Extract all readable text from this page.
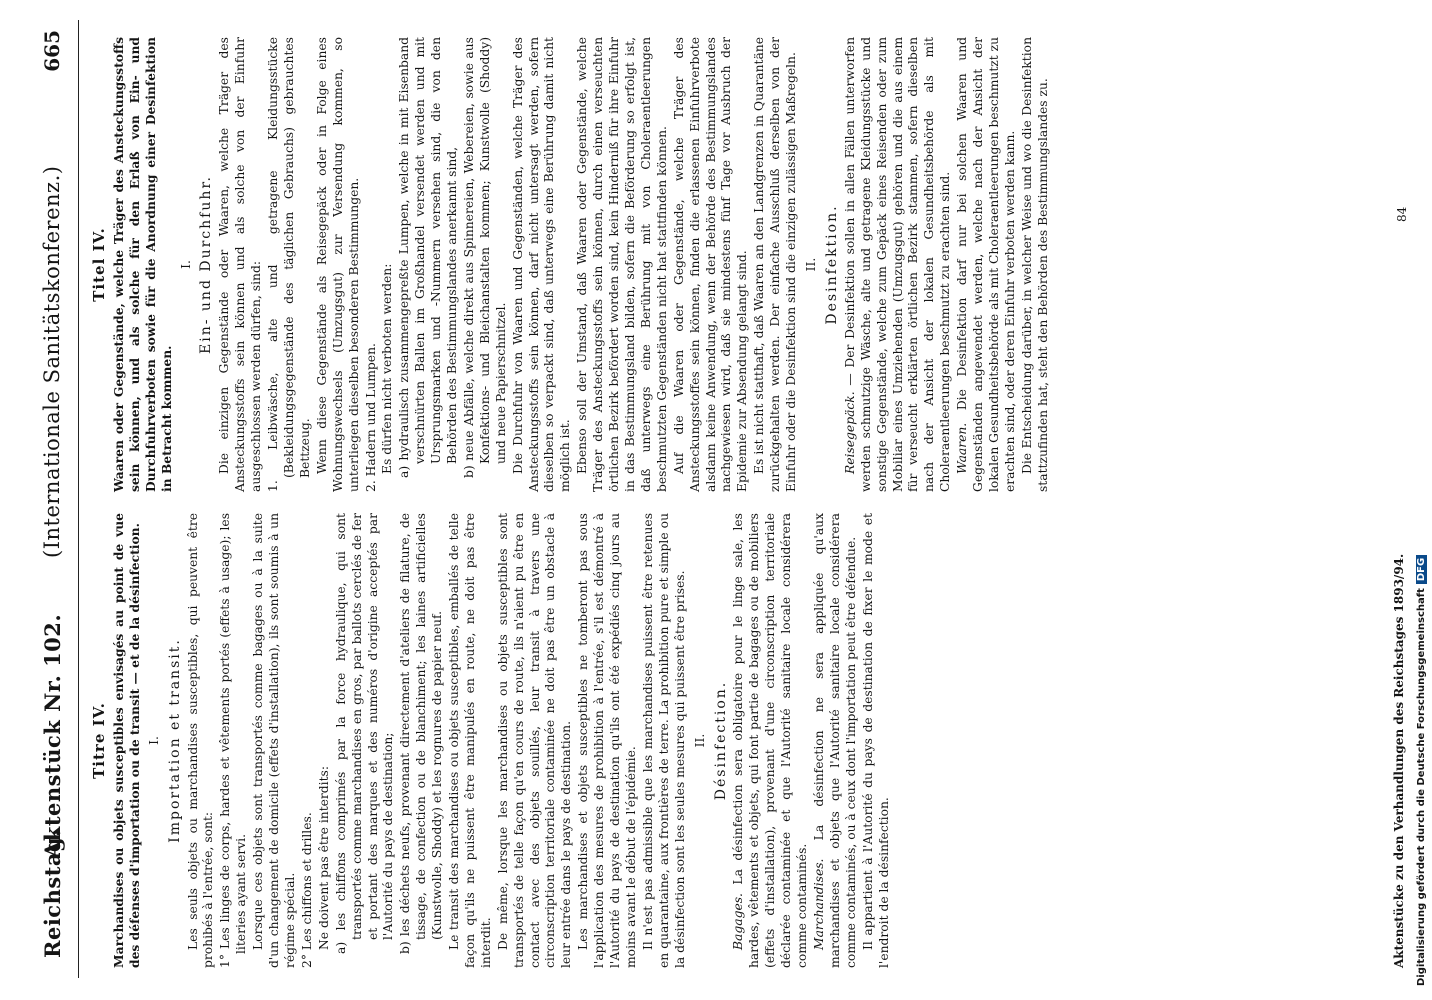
Reichstag.
Aktenstück Nr. 102.
(Internationale Sanitätskonferenz.)
665

Titre IV. Marchandises ou objets susceptibles envisagés au point de vue des défenses d'importation ou de transit — et de la désinfection. I. Importation et transit. Les seuls objets ou marchandises susceptibles, qui peuvent être prohibés à l'entrée, sont: 1° Les linges de corps, hardes et vêtements portés (effets à usage); les literies ayant servi. Lorsque ces objets sont transportés comme bagages ou à la suite d'un changement de domicile (effets d'installation), ils sont soumis à un régime spécial. 2° Les chiffons et drilles. Ne doivent pas être interdits: a) les chiffons comprimés par la force hydraulique, qui sont transportés comme marchandises en gros, par ballots cerclés de fer et portant des marques et des numéros d'origine acceptés par l'Autorité du pays de destination; b) les déchets neufs, provenant directement d'ateliers de filature, de tissage, de confection ou de blanchiment; les laines artificielles (Kunstwolle, Shoddy) et les rognures de papier neuf. Le transit des marchandises ou objets susceptibles, emballés de telle façon qu'ils ne puissent être manipulés en route, ne doit pas être interdit. De même, lorsque les marchandises ou objets susceptibles sont transportés de telle façon qu'en cours de route, ils n'aient pu être en contact avec des objets souillés, leur transit à travers une circonscription territoriale contaminée ne doit pas être un obstacle à leur entrée dans le pays de destination. Les marchandises et objets susceptibles ne tomberont pas sous l'application des mesures de prohibition à l'entrée, s'il est démontré à l'Autorité du pays de destination qu'ils ont été expédiés cinq jours au moins avant le début de l'épidémie. Il n'est pas admissible que les marchandises puissent être retenues en quarantaine, aux frontières de terre. La prohibition pure et simple ou la désinfection sont les seules mesures qui puissent être prises. II. Désinfection.

Bagages. La désinfection sera obligatoire pour le linge sale, les hardes, vêtements et objets, qui font partie de bagages ou de mobiliers (effets d'installation), provenant d'une circonscription territoriale déclarée contaminée et que l'Autorité sanitaire locale considérera comme contaminés. Marchandises. La désinfection ne sera appliquée qu'aux marchandises et objets que l'Autorité sanitaire locale considérera comme contaminés, ou à ceux dont l'importation peut être défendue. Il appartient à l'Autorité du pays de destination de fixer le mode et l'endroit de la désinfection.

Titel IV. Waaren oder Gegenstände, welche Träger des Ansteckungsstoffs sein können, und als solche für den Erlaß von Ein- und Durchfuhrverboten sowie für die Anordnung einer Desinfektion in Betracht kommen.

I. Ein- und Durchfuhr. Die einzigen Gegenstände oder Waaren, welche Träger des Ansteckungsstoffs sein können und als solche von der Einfuhr ausgeschlossen werden dürfen, sind: 1. Leibwäsche, alte und getragene Kleidungsstücke (Bekleidungsgegenstände des täglichen Gebrauchs) gebrauchtes Bettzeug. Wenn diese Gegenstände als Reisegepäck oder in Folge eines Wohnungswechsels (Umzugsgut) zur Versendung kommen, so unterliegen dieselben besonderen Bestimmungen. 2. Hadern und Lumpen. Es dürfen nicht verboten werden: a) hydraulisch zusammengepreßte Lumpen, welche in mit Eisenband verschnürten Ballen im Großhandel versendet werden und mit Ursprungsmarken und -Nummern versehen sind, die von den Behörden des Bestimmungslandes anerkannt sind, b) neue Abfälle, welche direkt aus Spinnereien, Webereien, sowie aus Konfektions- und Bleichanstalten kommen; Kunstwolle (Shoddy) und neue Papierschnitzel. Die Durchfuhr von Waaren und Gegenständen, welche Träger des Ansteckungsstoffs sein können, darf nicht untersagt werden, sofern dieselben so verpackt sind, daß unterwegs eine Berührung damit nicht möglich ist. Ebenso soll der Umstand, daß Waaren oder Gegenstände, welche Träger des Ansteckungsstoffs sein können, durch einen verseuchten örtlichen Bezirk befördert worden sind, kein Hinderniß für ihre Einfuhr in das Bestimmungsland bilden, sofern die Beförderung so erfolgt ist, daß unterwegs eine Berührung mit von Choleraentleerungen beschmutzten Gegenständen nicht hat stattfinden können. Auf die Waaren oder Gegenstände, welche Träger des Ansteckungsstoffes sein können, finden die erlassenen Einfuhrverbote alsdann keine Anwendung, wenn der Behörde des Bestimmungslandes nachgewiesen wird, daß sie mindestens fünf Tage vor Ausbruch der Epidemie zur Absendung gelangt sind. Es ist nicht statthaft, daß Waaren an den Landgrenzen in Quarantäne zurückgehalten werden. Der einfache Ausschluß derselben von der Einfuhr oder die Desinfektion sind die einzigen zulässigen Maßregeln. II. Desinfektion.

Reisegepäck. — Der Desinfektion sollen in allen Fällen unterworfen werden schmutzige Wäsche, alte und getragene Kleidungsstücke und sonstige Gegenstände, welche zum Gepäck eines Reisenden oder zum Mobiliar eines Umziehenden (Umzugsgut) gehören und die aus einem für verseucht erklärten örtlichen Bezirk stammen, sofern dieselben nach der Ansicht der lokalen Gesundheitsbehörde als mit Choleraentleerungen beschmutzt zu erachten sind. Waaren. Die Desinfektion darf nur bei solchen Waaren und Gegenständen angewendet werden, welche nach der Ansicht der lokalen Gesundheitsbehörde als mit Choleraentleerungen beschmutzt zu erachten sind, oder deren Einfuhr verboten werden kann. Die Entscheidung darüber, in welcher Weise und wo die Desinfektion stattzufinden hat, steht den Behörden des Bestimmungslandes zu.

Aktenstücke zu den Verhandlungen des Reichstages 1893/94.
84
Digitalisierung gefördert durch die Deutsche ForschungsgemeinschaftDFG
